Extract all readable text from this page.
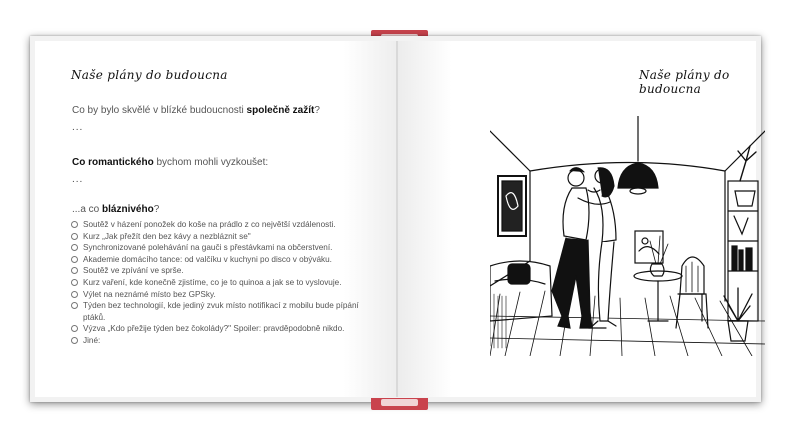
Naše plány do budoucna
Co by bylo skvělé v blízké budoucnosti společně zažít?
...
Co romantického bychom mohli vyzkoušet:
...
...a co bláznivého?
Soutěž v házení ponožek do koše na prádlo z co největší vzdálenosti.
Kurz „Jak přežít den bez kávy a nezbláznit se"
Synchronizované polehávání na gauči s přestávkami na občerstvení.
Akademie domácího tance: od valčíku v kuchyni po disco v obýváku.
Soutěž ve zpívání ve sprše.
Kurz vaření, kde konečně zjistíme, co je to quinoa a jak se to vyslovuje.
Výlet na neznámé místo bez GPSky.
Týden bez technologií, kde jediný zvuk místo notifikací z mobilu bude pípání ptáků.
Výzva „Kdo přežije týden bez čokolády?" Spoiler: pravděpodobně nikdo.
Jiné:
Naše plány do budoucna
